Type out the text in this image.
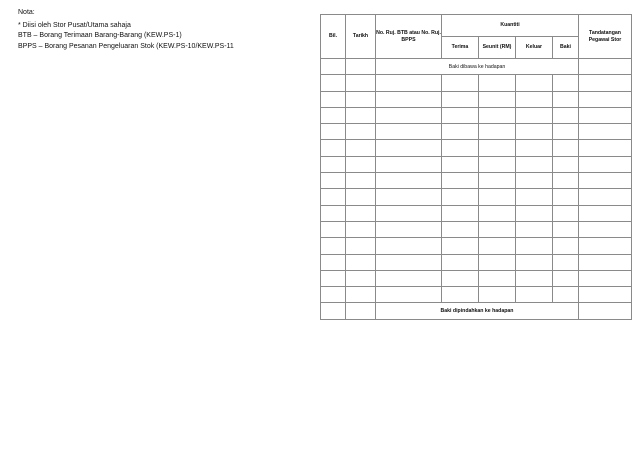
Nota:
* Diisi oleh Stor Pusat/Utama sahaja
BTB – Borang Terimaan Barang-Barang (KEW.PS-1)
BPPS – Borang Pesanan Pengeluaran Stok (KEW.PS-10/KEW.PS-11
Bil.	Tarikh	No. Ruj. BTB atau No. Ruj. BPPS	Kuantiti				Tandatangan Pegawai Stor
			Terima	Seunit (RM)	Keluar	Baki	
		Baki dibawa ke hadapan					

		Baki dipindahkan ke hadapan					
